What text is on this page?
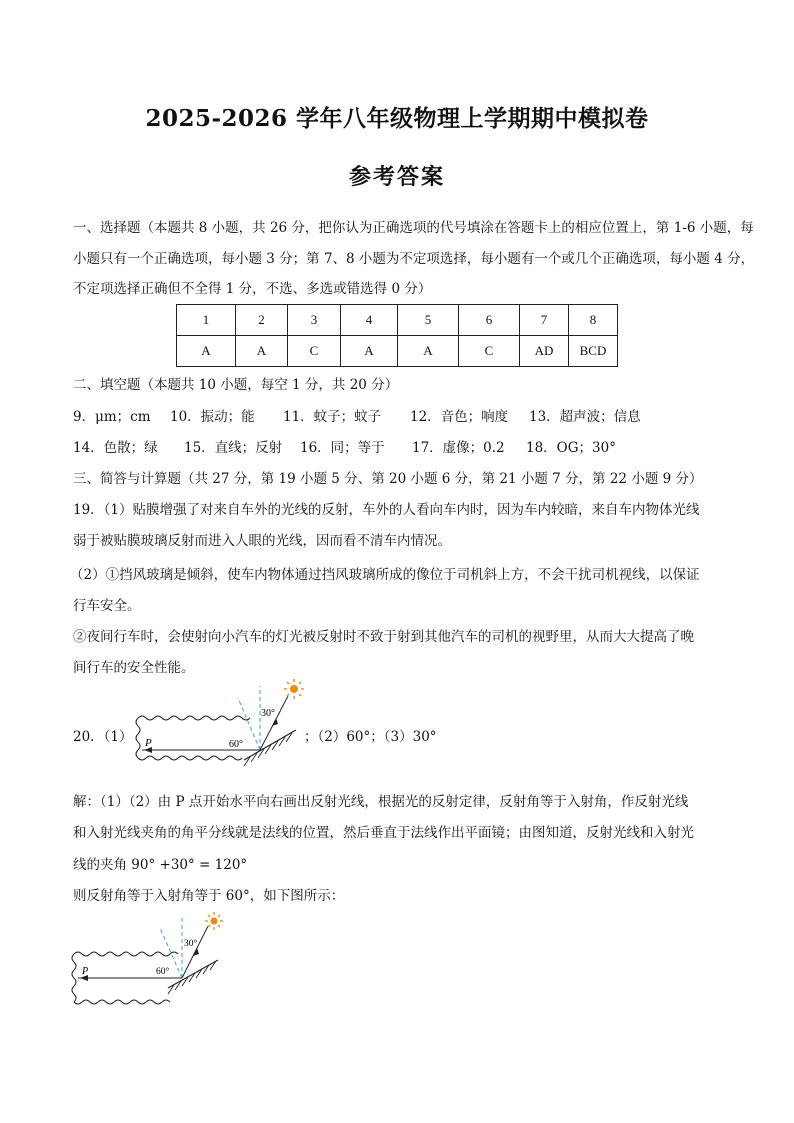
2025-2026 学年八年级物理上学期期中模拟卷
参考答案
一、选择题（本题共 8 小题，共 26 分，把你认为正确选项的代号填涂在答题卡上的相应位置上，第 1-6 小题，每
小题只有一个正确选项，每小题 3 分；第 7、8 小题为不定项选择，每小题有一个或几个正确选项，每小题 4 分，
不定项选择正确但不全得 1 分，不选、多选或错选得 0 分）
1	2	3	4	5	6	7	8
A	A	C	A	A	C	AD	BCD
二、填空题（本题共 10 小题，每空 1 分，共 20 分）
9．μm；cm 10．振动；能 11．蚊子；蚊子 12．音色；响度 13．超声波；信息
14．色散；绿 15．直线；反射 16．同；等于 17．虚像；0.2 18．OG；30°
三、简答与计算题（共 27 分，第 19 小题 5 分、第 20 小题 6 分，第 21 小题 7 分，第 22 小题 9 分）
19．（1）贴膜增强了对来自车外的光线的反射，车外的人看向车内时，因为车内较暗，来自车内物体光线
弱于被贴膜玻璃反射而进入人眼的光线，因而看不清车内情况。
（2）①挡风玻璃是倾斜，使车内物体通过挡风玻璃所成的像位于司机斜上方，不会干扰司机视线，以保证
行车安全。
②夜间行车时，会使射向小汽车的灯光被反射时不致于射到其他汽车的司机的视野里，从而大大提高了晚
间行车的安全性能。
20．（1） P	60°
30°
；（2）60°；（3）30°
解：（1）（2）由 P 点开始水平向右画出反射光线，根据光的反射定律，反射角等于入射角，作反射光线
和入射光线夹角的角平分线就是法线的位置，然后垂直于法线作出平面镜；由图知道，反射光线和入射光
线的夹角 90° +30° = 120°
则反射角等于入射角等于 60°，如下图所示：
P	60°
30°
